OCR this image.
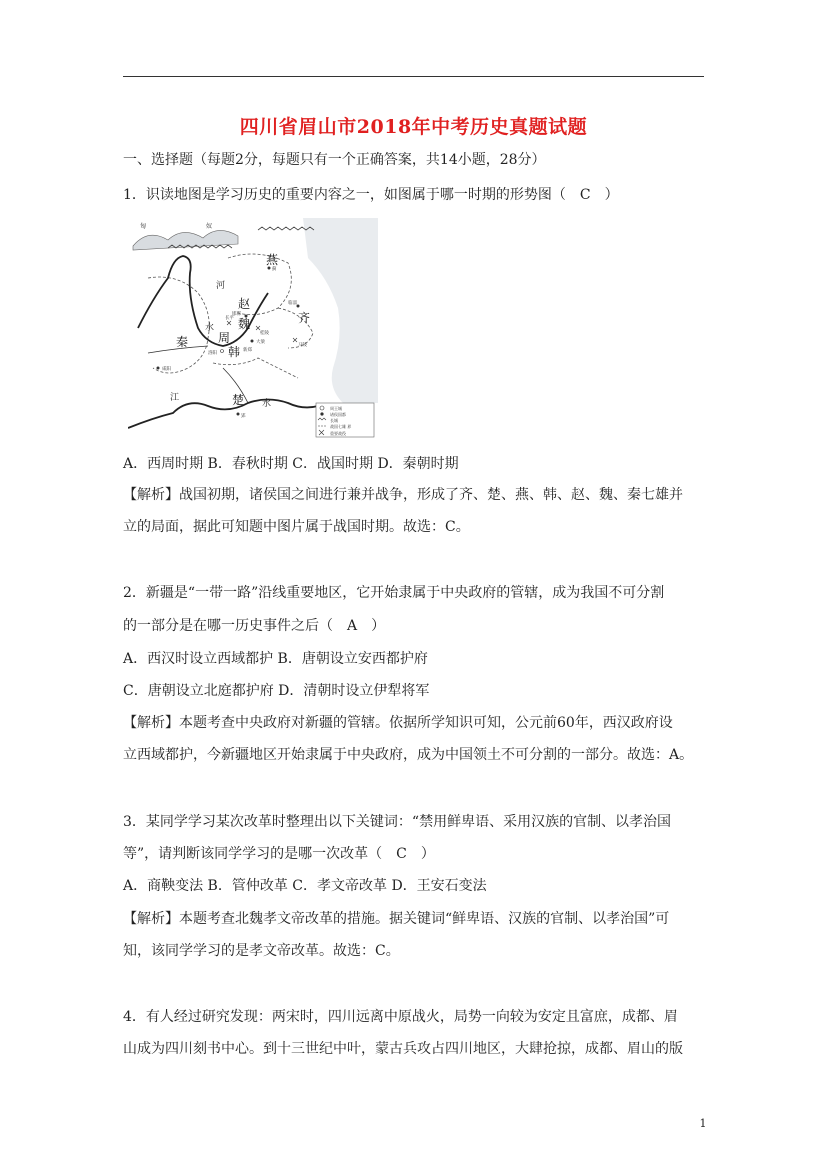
四川省眉山市2018年中考历史真题试题
一、选择题（每题2分，每题只有一个正确答案，共14小题，28分）
1．识读地图是学习历史的重要内容之一，如图属于哪一时期的形势图（　C　）
周王城
诸侯国都
长城
战国七雄 界
重要战役
匈	奴
燕
赵
齐
秦 周
魏
韩
楚
河
水
江
水
蓟
临淄
邯郸
大梁
咸阳
洛阳
郢
长平
马陵
桂陵
新郑
A．西周时期 B．春秋时期 C．战国时期 D．秦朝时期
【解析】战国初期，诸侯国之间进行兼并战争，形成了齐、楚、燕、韩、赵、魏、秦七雄并
立的局面，据此可知题中图片属于战国时期。故选：C。
2．新疆是“一带一路”沿线重要地区，它开始隶属于中央政府的管辖，成为我国不可分割
的一部分是在哪一历史事件之后（　A　）
A．西汉时设立西域都护 B．唐朝设立安西都护府
C．唐朝设立北庭都护府 D．清朝时设立伊犁将军
【解析】本题考查中央政府对新疆的管辖。依据所学知识可知，公元前60年，西汉政府设
立西域都护，今新疆地区开始隶属于中央政府，成为中国领土不可分割的一部分。故选：A。
3．某同学学习某次改革时整理出以下关键词：“禁用鲜卑语、采用汉族的官制、以孝治国
等”，请判断该同学学习的是哪一次改革（　C　）
A．商鞅变法 B．管仲改革 C．孝文帝改革 D．王安石变法
【解析】本题考查北魏孝文帝改革的措施。据关键词“鲜卑语、汉族的官制、以孝治国”可
知，该同学学习的是孝文帝改革。故选：C。
4．有人经过研究发现：两宋时，四川远离中原战火，局势一向较为安定且富庶，成都、眉
山成为四川刻书中心。到十三世纪中叶，蒙古兵攻占四川地区，大肆抢掠，成都、眉山的版
1
